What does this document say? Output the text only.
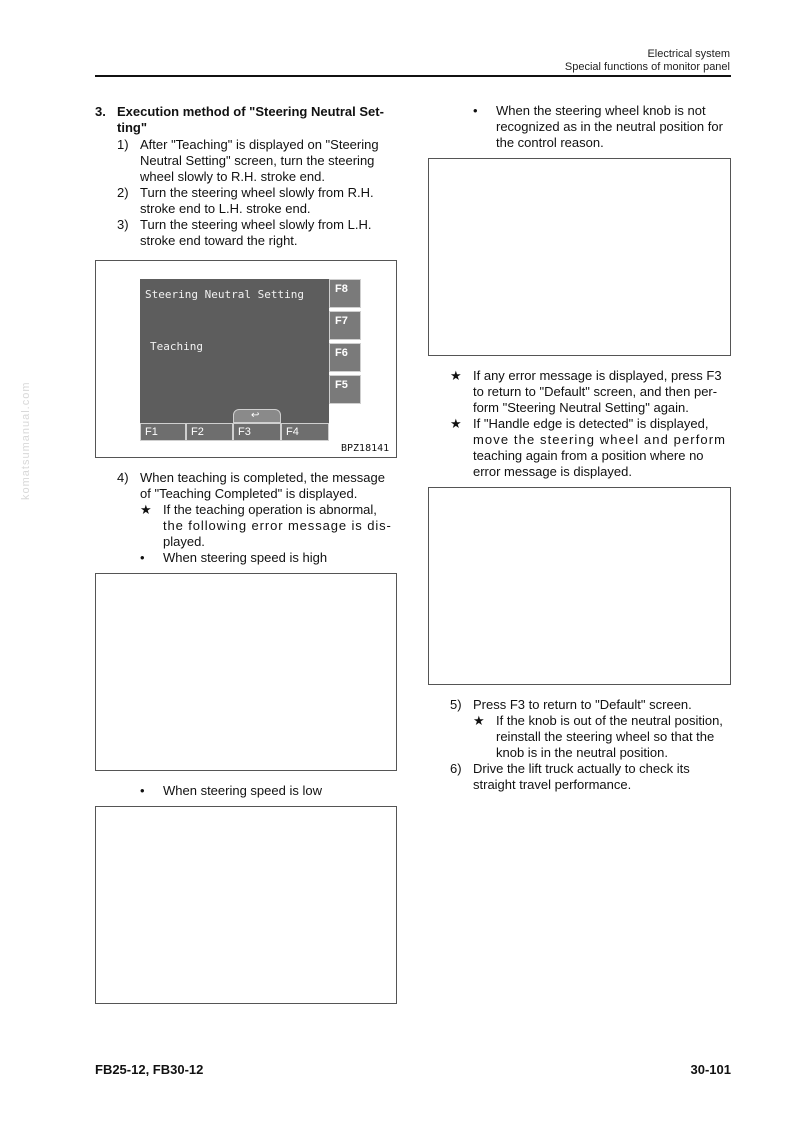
Electrical system
Special functions of monitor panel
komatsumanual.com
3. Execution method of "Steering Neutral Set-
ting"
1) After "Teaching" is displayed on "Steering
Neutral Setting" screen, turn the steering
wheel slowly to R.H. stroke end.
2) Turn the steering wheel slowly from R.H.
stroke end to L.H. stroke end.
3) Turn the steering wheel slowly from L.H.
stroke end toward the right.
Steering Neutral Setting
Teaching
F8
F7
F6
F5
↩
F1	F2	F3	F4
BPZ18141
4) When teaching is completed, the message
of "Teaching Completed" is displayed.
★ If the teaching operation is abnormal,
the following error message is dis-
played.
• When steering speed is high
• When steering speed is low
• When the steering wheel knob is not
recognized as in the neutral position for
the control reason.
★ If any error message is displayed, press F3
to return to "Default" screen, and then per-
form "Steering Neutral Setting" again.
★ If "Handle edge is detected" is displayed,
move the steering wheel and perform
teaching again from a position where no
error message is displayed.
5) Press F3 to return to "Default" screen.
★ If the knob is out of the neutral position,
reinstall the steering wheel so that the
knob is in the neutral position.
6) Drive the lift truck actually to check its
straight travel performance.
FB25-12, FB30-12	30-101
